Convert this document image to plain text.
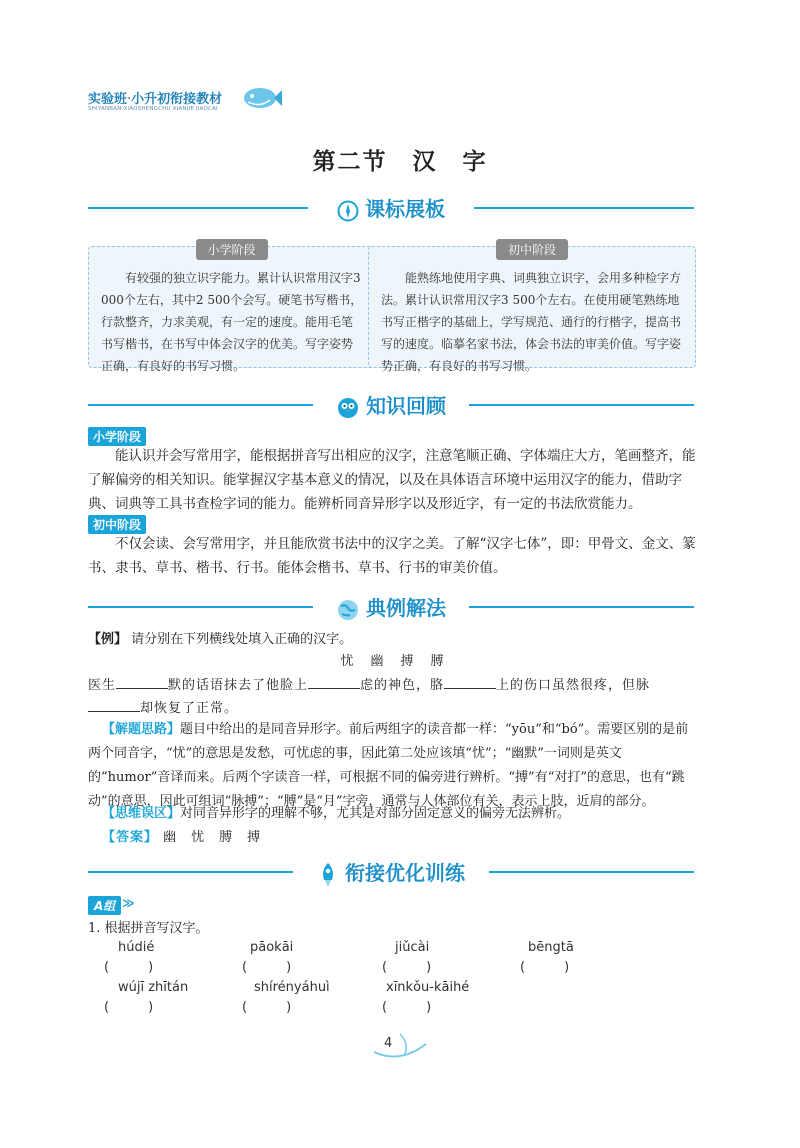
实验班·小升初衔接教材
SHIYANBAN XIAOSHENGCHU XIANJIE JIAOCAI
第二节　汉　字
课标展板
小学阶段
有较强的独立识字能力。累计认识常用汉字3 000个左右，其中2 500个会写。硬笔书写楷书，行款整齐，力求美观，有一定的速度。能用毛笔书写楷书，在书写中体会汉字的优美。写字姿势正确，有良好的书写习惯。
初中阶段
能熟练地使用字典、词典独立识字，会用多种检字方法。累计认识常用汉字3 500个左右。在使用硬笔熟练地书写正楷字的基础上，学写规范、通行的行楷字，提高书写的速度。临摹名家书法，体会书法的审美价值。写字姿势正确，有良好的书写习惯。
知识回顾
小学阶段
能认识并会写常用字，能根据拼音写出相应的汉字，注意笔顺正确、字体端庄大方，笔画整齐，能了解偏旁的相关知识。能掌握汉字基本意义的情况，以及在具体语言环境中运用汉字的能力，借助字典、词典等工具书查检字词的能力。能辨析同音异形字以及形近字，有一定的书法欣赏能力。
初中阶段
不仅会读、会写常用字，并且能欣赏书法中的汉字之美。了解“汉字七体”，即：甲骨文、金文、篆书、隶书、草书、楷书、行书。能体会楷书、草书、行书的审美价值。
典例解法
【例】 请分别在下列横线处填入正确的汉字。
忧　幽　搏　膊
医生	默的话语抹去了他脸上	虑的神色，胳	上的伤口虽然很疼，但脉
却恢复了正常。
【解题思路】题目中给出的是同音异形字。前后两组字的读音都一样：“yōu”和“bó”。需要区别的是前两个同音字，“忧”的意思是发愁，可忧虑的事，因此第二处应该填“忧”；“幽默”一词则是英文的“humor”音译而来。后两个字读音一样，可根据不同的偏旁进行辨析。“搏”有“对打”的意思，也有“跳动”的意思，因此可组词“脉搏”；“膊”是“月”字旁，通常与人体部位有关，表示上肢，近肩的部分。
【思维误区】对同音异形字的理解不够，尤其是对部分固定意义的偏旁无法辨析。
【答案】 幽　忧　膊　搏
衔接优化训练
A组 ≫
1. 根据拼音写汉字。
húdié	pāokāi	jiǔcài	bēngtā
(　　　)	(　　　)	(　　　)	(　　　)
wújī zhītán	shírényáhuì	xīnkǒu-kāihé
(　　　)	(　　　)	(　　　)
4
